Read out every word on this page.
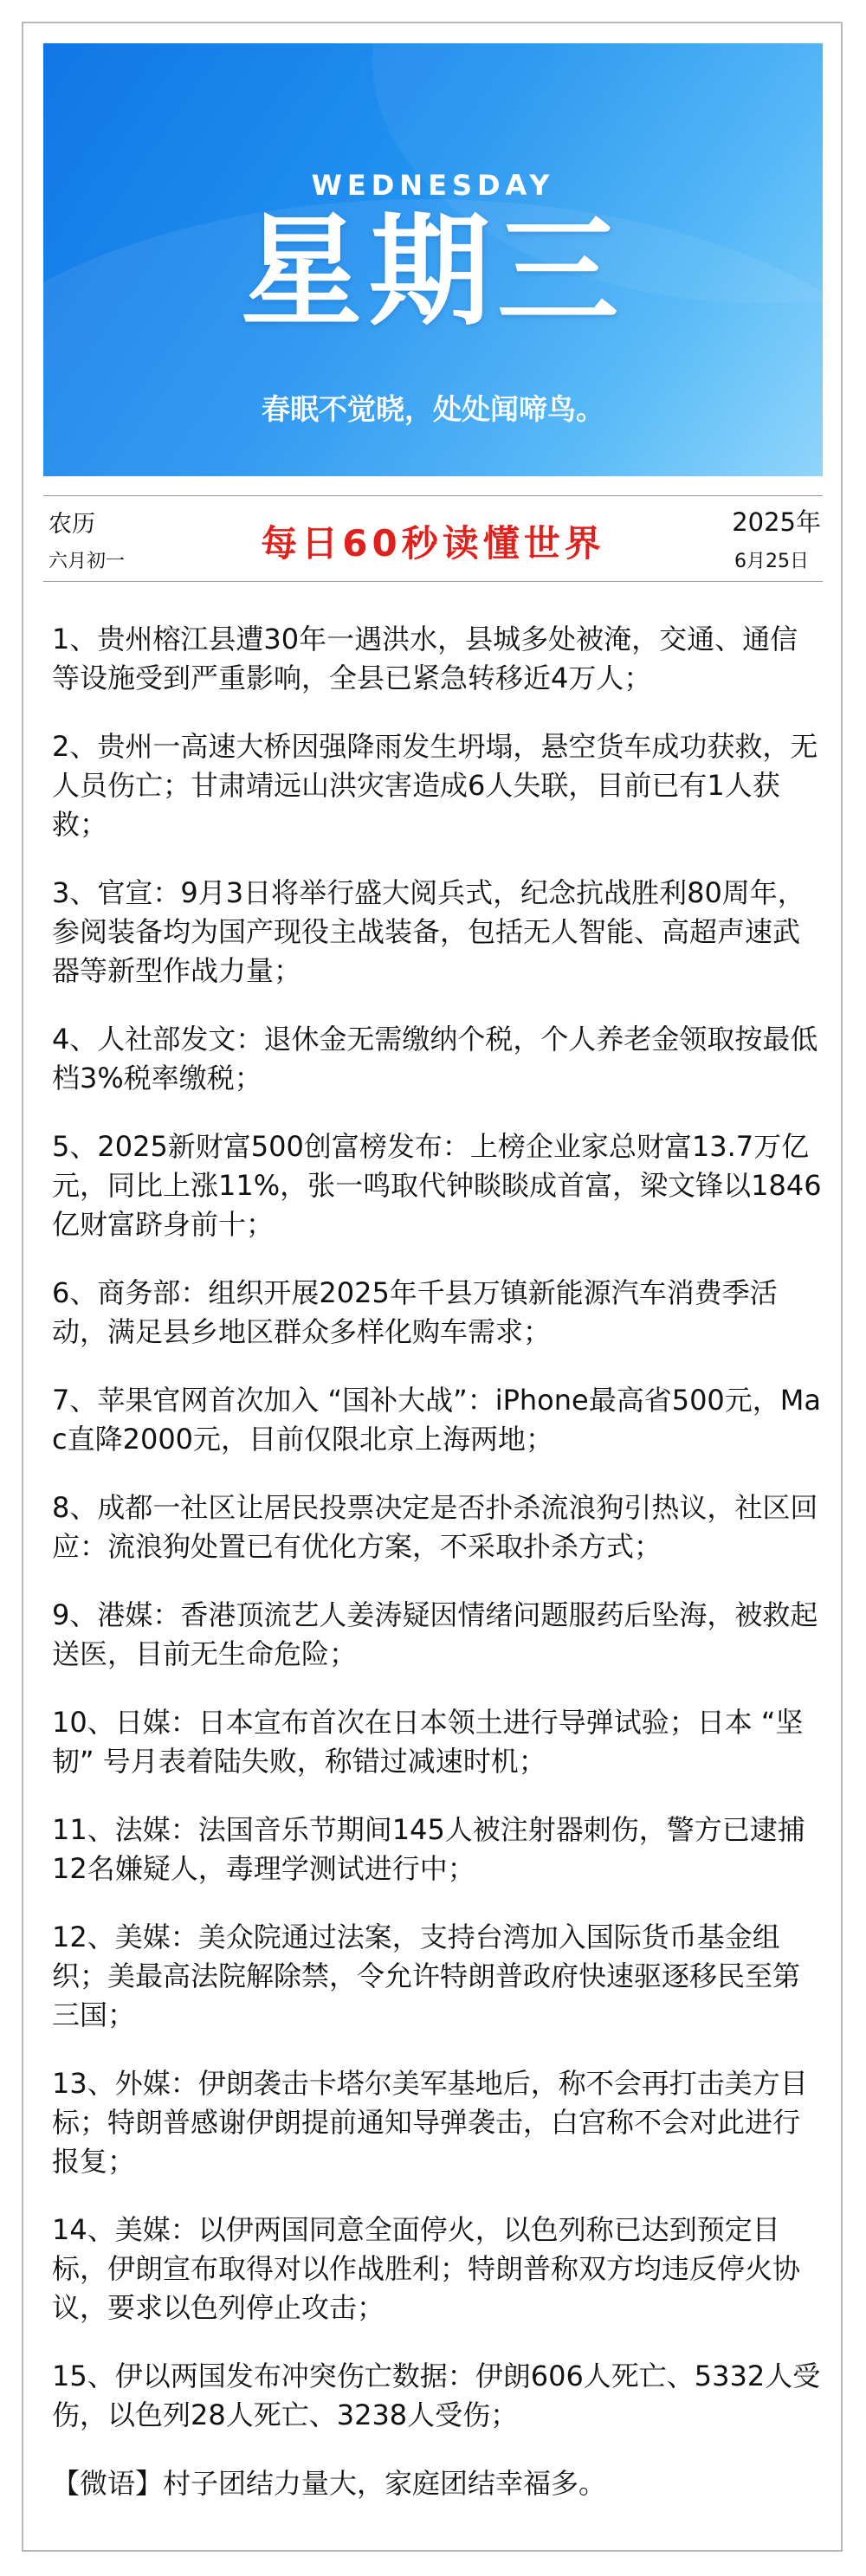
WEDNESDAY
星期三
春眠不觉晓，处处闻啼鸟。
农历
六月初一	每日60秒读懂世界	2025年
6月25日
1、贵州榕江县遭30年一遇洪水，县城多处被淹，交通、通信等设施受到严重影响，全县已紧急转移近4万人；
2、贵州一高速大桥因强降雨发生坍塌，悬空货车成功获救，无人员伤亡；甘肃靖远山洪灾害造成6人失联，目前已有1人获救；
3、官宣：9月3日将举行盛大阅兵式，纪念抗战胜利80周年，参阅装备均为国产现役主战装备，包括无人智能、高超声速武器等新型作战力量；
4、人社部发文：退休金无需缴纳个税，个人养老金领取按最低档3%税率缴税；
5、2025新财富500创富榜发布：上榜企业家总财富13.7万亿元，同比上涨11%，张一鸣取代钟睒睒成首富，梁文锋以1846亿财富跻身前十；
6、商务部：组织开展2025年千县万镇新能源汽车消费季活动，满足县乡地区群众多样化购车需求；
7、苹果官网首次加入 “国补大战”：iPhone最高省500元，Mac直降2000元，目前仅限北京上海两地；
8、成都一社区让居民投票决定是否扑杀流浪狗引热议，社区回应：流浪狗处置已有优化方案，不采取扑杀方式；
9、港媒：香港顶流艺人姜涛疑因情绪问题服药后坠海，被救起送医，目前无生命危险；
10、日媒：日本宣布首次在日本领土进行导弹试验；日本 “坚韧” 号月表着陆失败，称错过减速时机；
11、法媒：法国音乐节期间145人被注射器刺伤，警方已逮捕12名嫌疑人，毒理学测试进行中；
12、美媒：美众院通过法案，支持台湾加入国际货币基金组织；美最高法院解除禁，令允许特朗普政府快速驱逐移民至第三国；
13、外媒：伊朗袭击卡塔尔美军基地后，称不会再打击美方目标；特朗普感谢伊朗提前通知导弹袭击，白宫称不会对此进行报复；
14、美媒：以伊两国同意全面停火，以色列称已达到预定目标，伊朗宣布取得对以作战胜利；特朗普称双方均违反停火协议，要求以色列停止攻击；
15、伊以两国发布冲突伤亡数据：伊朗606人死亡、5332人受伤，以色列28人死亡、3238人受伤；
【微语】村子团结力量大，家庭团结幸福多。
